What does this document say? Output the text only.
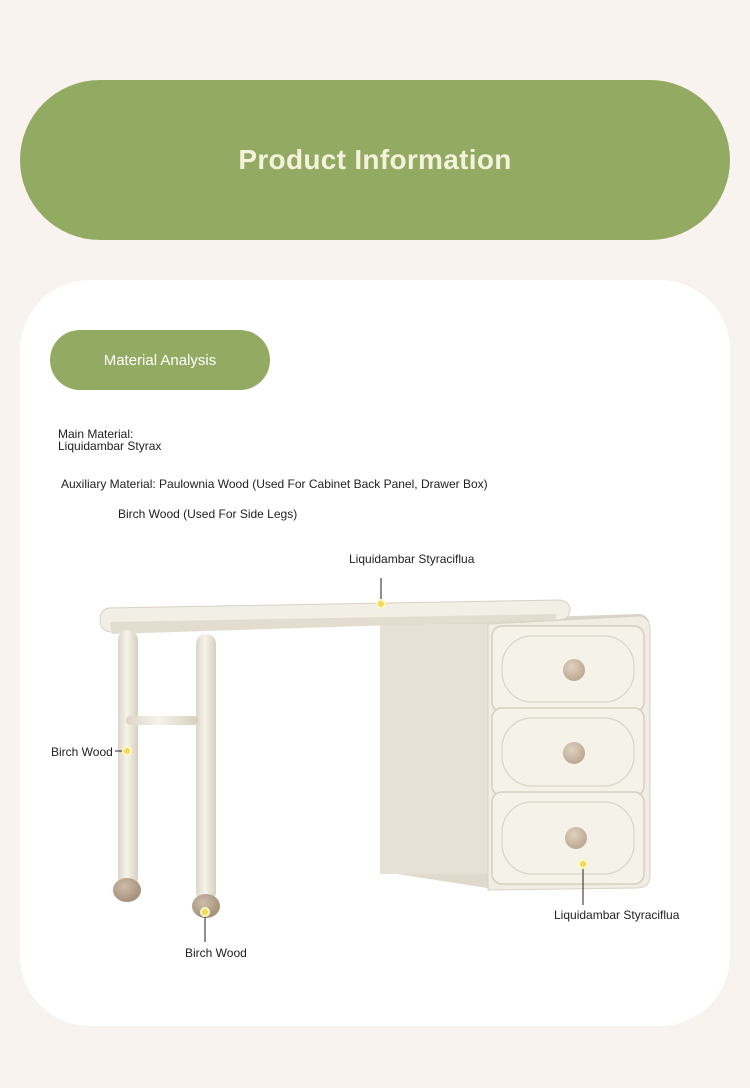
Product Information
Material Analysis
Main Material:
Liquidambar Styrax
Auxiliary Material: Paulownia Wood (Used For Cabinet Back Panel, Drawer Box)
Birch Wood (Used For Side Legs)
Liquidambar Styraciflua
Birch Wood
Birch Wood
Liquidambar Styraciflua
